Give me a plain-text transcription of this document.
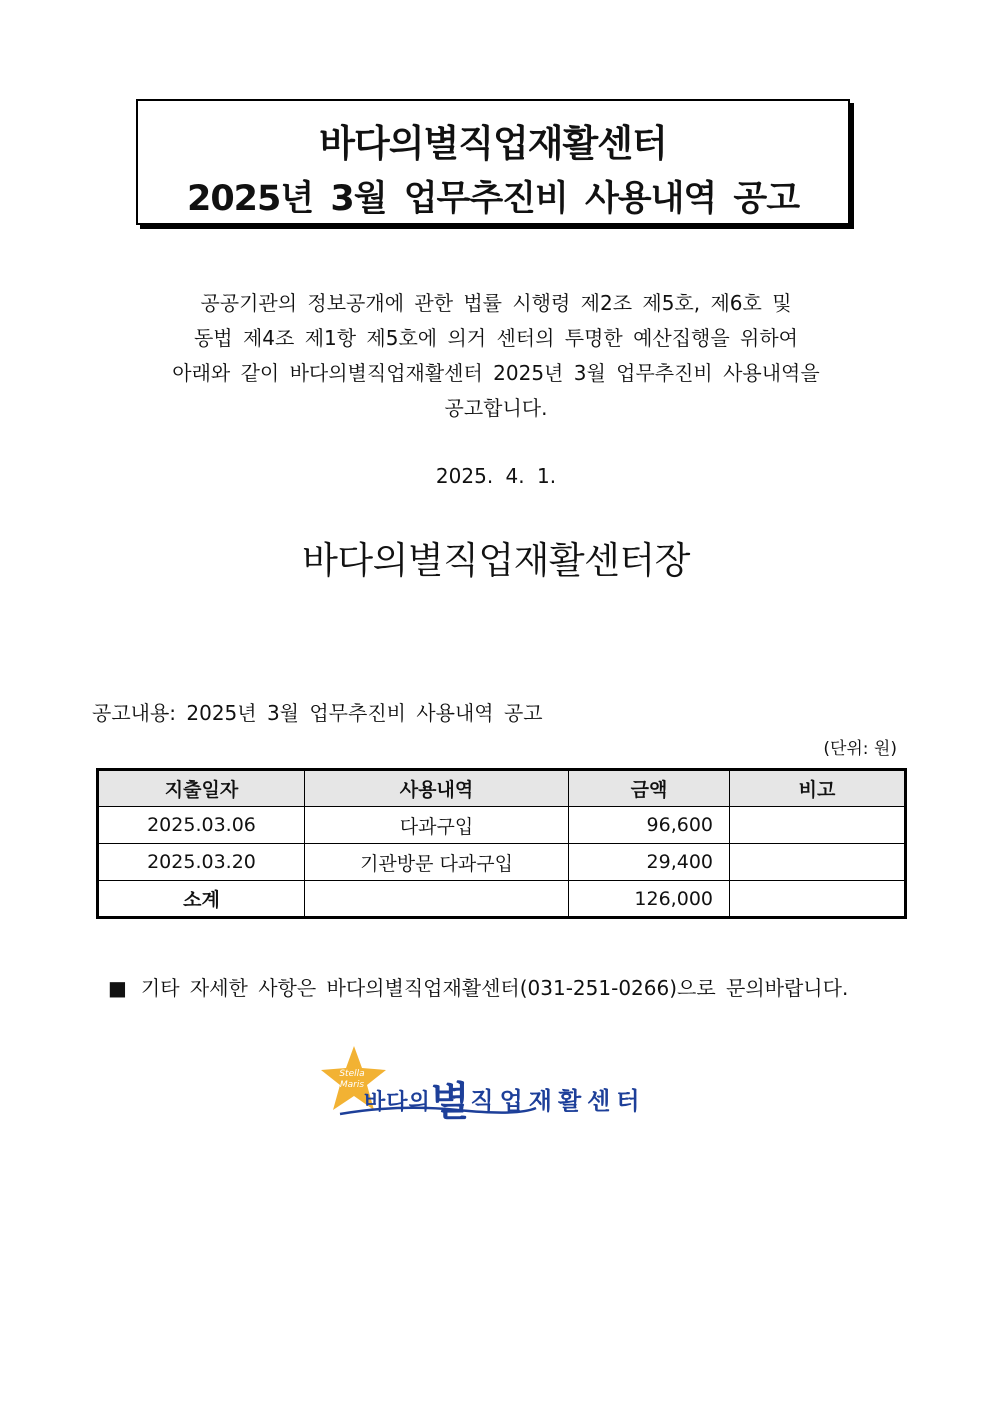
바다의별직업재활센터
2025년 3월 업무추진비 사용내역 공고
공공기관의 정보공개에 관한 법률 시행령 제2조 제5호, 제6호 및
동법 제4조 제1항 제5호에 의거 센터의 투명한 예산집행을 위하여
아래와 같이 바다의별직업재활센터 2025년 3월 업무추진비 사용내역을
공고합니다.
2025. 4. 1.
바다의별직업재활센터장
공고내용: 2025년 3월 업무추진비 사용내역 공고
(단위: 원)
지출일자	사용내역	금액	비고
2025.03.06	다과구입	96,600	
2025.03.20	기관방문 다과구입	29,400	
소계		126,000	
■ 기타 자세한 사항은 바다의별직업재활센터(031-251-0266)으로 문의바랍니다.
Stella
Maris
바다의별직업재활센터
